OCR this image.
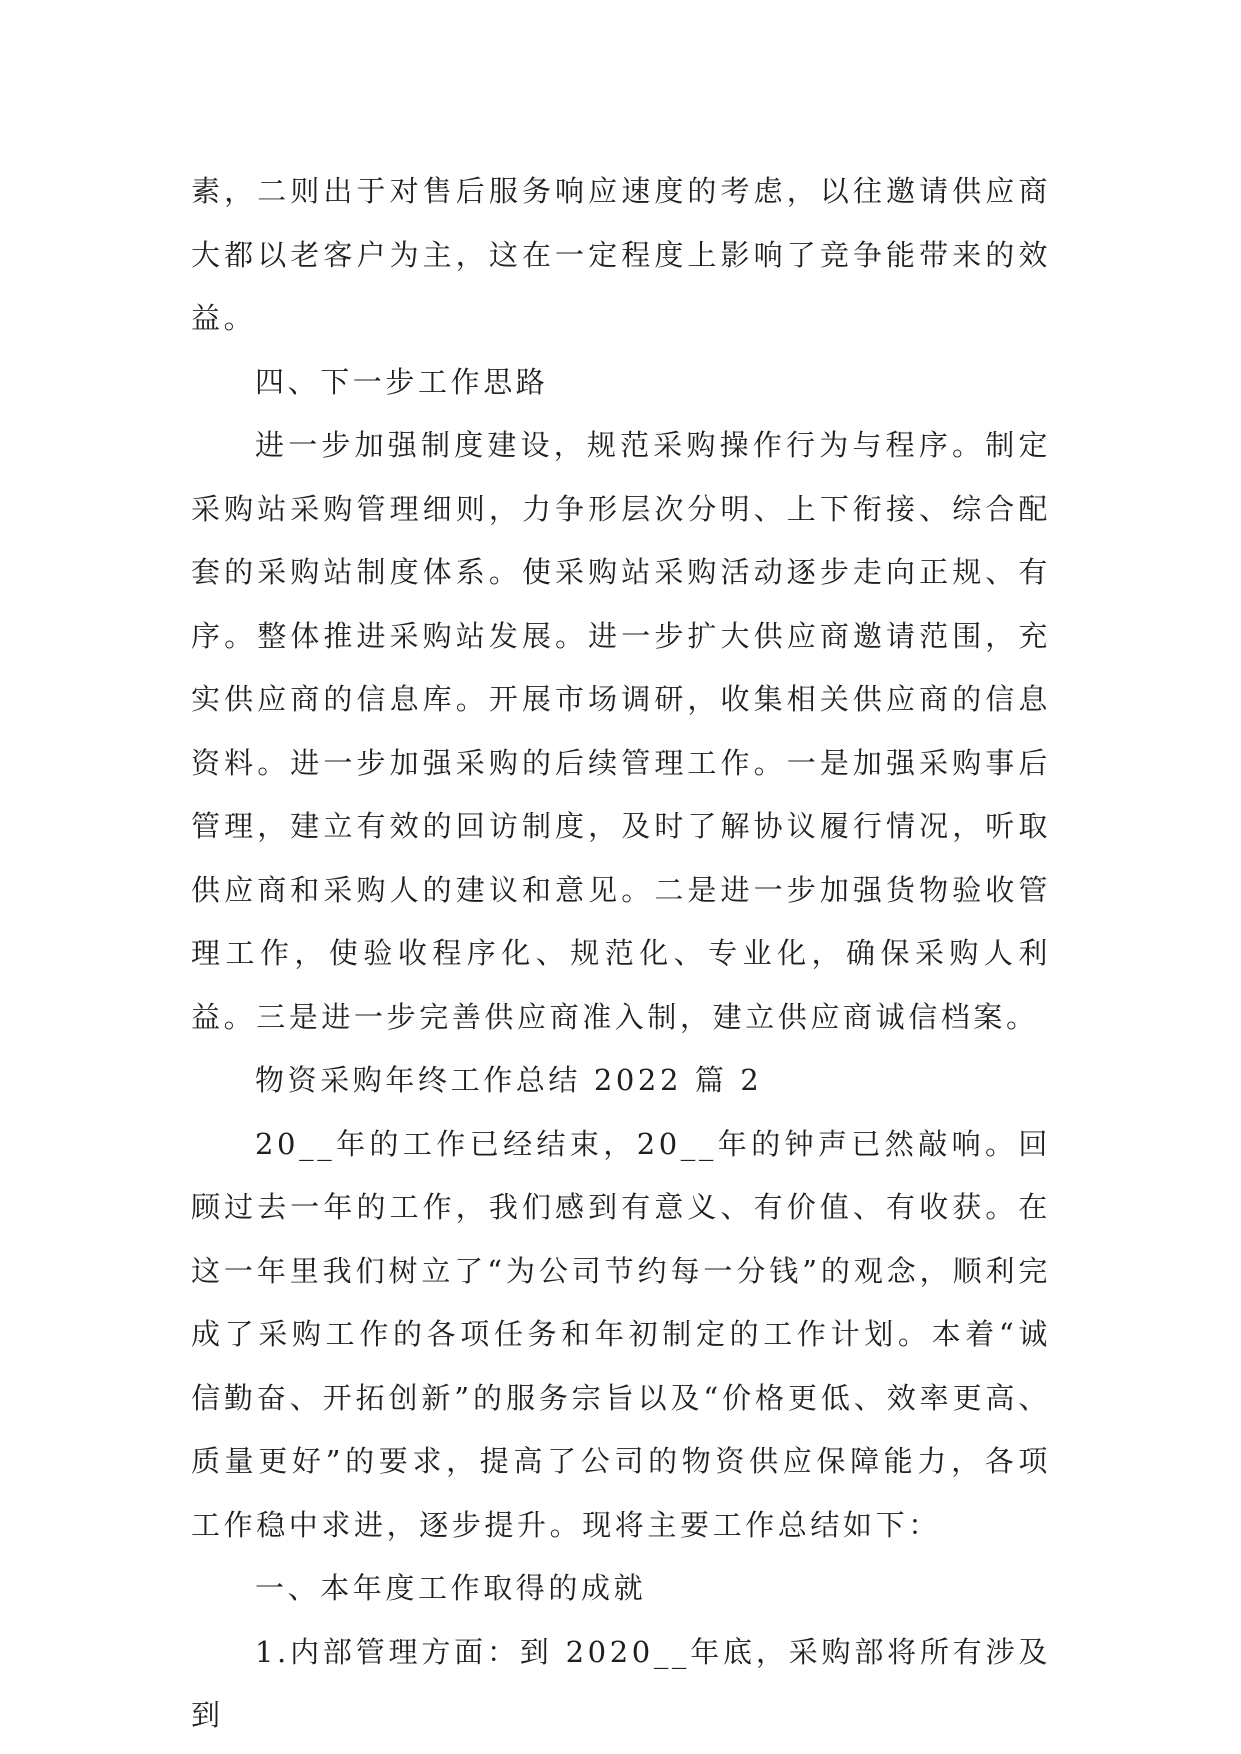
素，二则出于对售后服务响应速度的考虑，以往邀请供应商大都以老客户为主，这在一定程度上影响了竞争能带来的效益。

四、下一步工作思路

进一步加强制度建设，规范采购操作行为与程序。制定采购站采购管理细则，力争形层次分明、上下衔接、综合配套的采购站制度体系。使采购站采购活动逐步走向正规、有序。整体推进采购站发展。进一步扩大供应商邀请范围，充实供应商的信息库。开展市场调研，收集相关供应商的信息资料。进一步加强采购的后续管理工作。一是加强采购事后管理，建立有效的回访制度，及时了解协议履行情况，听取供应商和采购人的建议和意见。二是进一步加强货物验收管理工作，使验收程序化、规范化、专业化，确保采购人利益。三是进一步完善供应商准入制，建立供应商诚信档案。

物资采购年终工作总结 2022 篇 2

20__年的工作已经结束，20__年的钟声已然敲响。回顾过去一年的工作，我们感到有意义、有价值、有收获。在这一年里我们树立了“为公司节约每一分钱”的观念，顺利完成了采购工作的各项任务和年初制定的工作计划。本着“诚信勤奋、开拓创新”的服务宗旨以及“价格更低、效率更高、质量更好”的要求，提高了公司的物资供应保障能力，各项工作稳中求进，逐步提升。现将主要工作总结如下：

一、本年度工作取得的成就

1.内部管理方面：到 2020__年底，采购部将所有涉及到
